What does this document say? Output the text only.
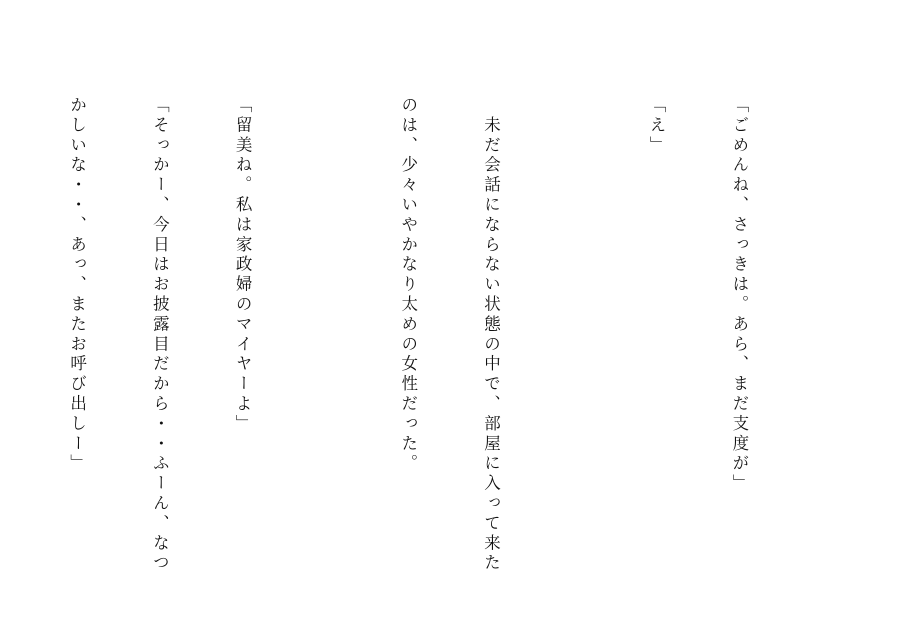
「ごめんね、さっきは。あら、まだ支度が」

「え」

　未だ会話にならない状態の中で、部屋に入って来た

のは、少々いやかなり太めの女性だった。

「留美ね。私は家政婦のマイヤーよ」

「そっかー、今日はお披露目だから・・ふーん、なつ

かしいな・・、あっ、またお呼び出しー」
